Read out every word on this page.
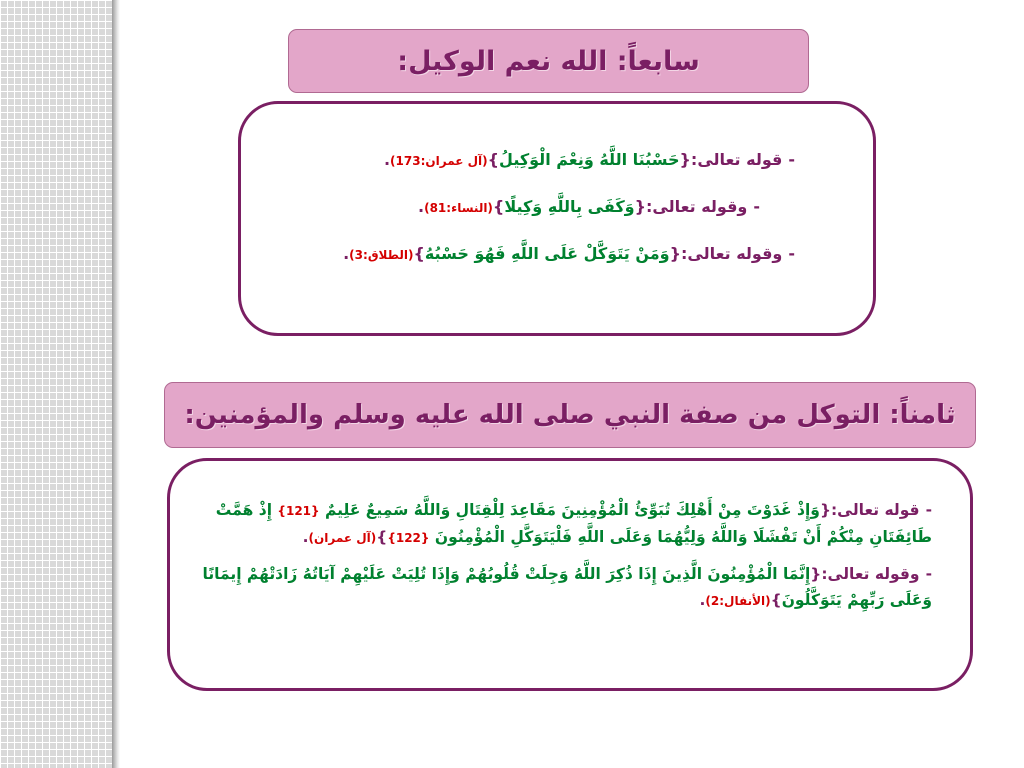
سابعاً: الله نعم الوكيل:
-قوله تعالى:{حَسْبُنَا اللَّهُ وَنِعْمَ الْوَكِيلُ}(آل عمران:173).
-وقوله تعالى:{وَكَفَى بِاللَّهِ وَكِيلًا}(النساء:81).
-وقوله تعالى:{وَمَنْ يَتَوَكَّلْ عَلَى اللَّهِ فَهُوَ حَسْبُهُ}(الطلاق:3).
ثامناً: التوكل من صفة النبي صلى الله عليه وسلم والمؤمنين:
-قوله تعالى:{وَإِذْ غَدَوْتَ مِنْ أَهْلِكَ تُبَوِّئُ الْمُؤْمِنِينَ مَقَاعِدَ لِلْقِتَالِ وَاللَّهُ سَمِيعٌ عَلِيمٌ {121} إِذْ هَمَّتْ طَائِفَتَانِ مِنْكُمْ أَنْ تَفْشَلَا وَاللَّهُ وَلِيُّهُمَا وَعَلَى اللَّهِ فَلْيَتَوَكَّلِ الْمُؤْمِنُونَ {122}}(آل عمران).
-وقوله تعالى:{إِنَّمَا الْمُؤْمِنُونَ الَّذِينَ إِذَا ذُكِرَ اللَّهُ وَجِلَتْ قُلُوبُهُمْ وَإِذَا تُلِيَتْ عَلَيْهِمْ آيَاتُهُ زَادَتْهُمْ إِيمَانًا وَعَلَى رَبِّهِمْ يَتَوَكَّلُونَ}(الأنفال:2).
